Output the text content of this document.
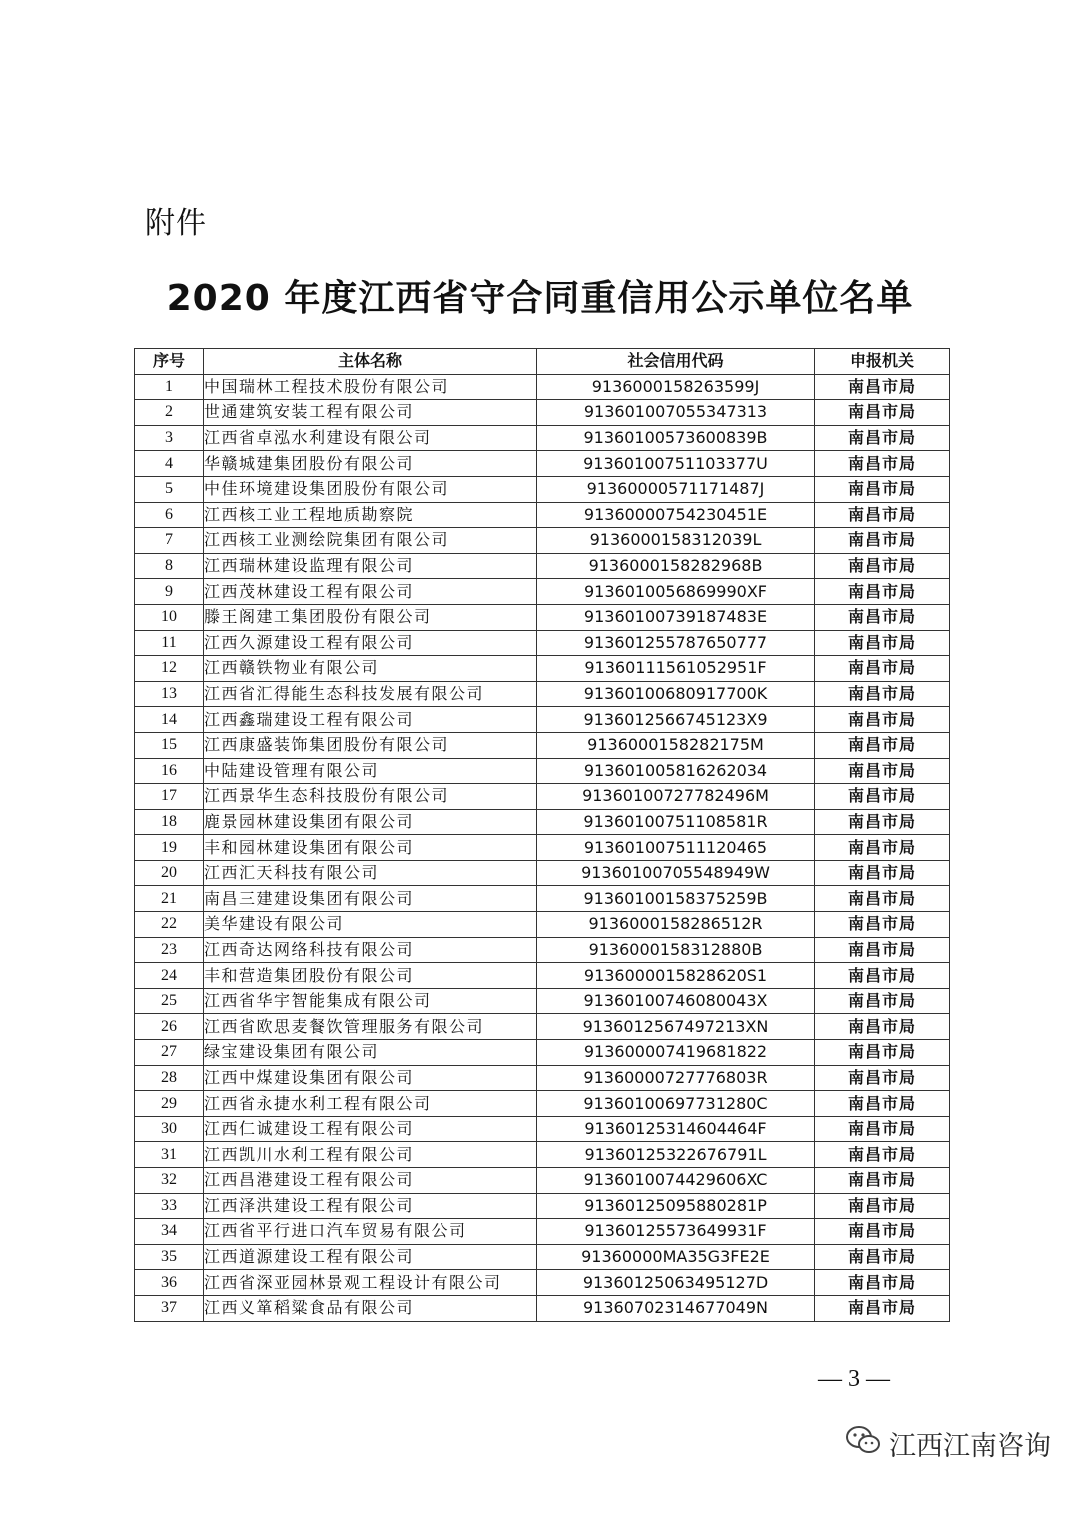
附件
2020 年度江西省守合同重信用公示单位名单
序号	主体名称	社会信用代码	申报机关
1	中国瑞林工程技术股份有限公司	9136000158263599J	南昌市局
2	世通建筑安装工程有限公司	913601007055347313	南昌市局
3	江西省卓泓水利建设有限公司	91360100573600839B	南昌市局
4	华赣城建集团股份有限公司	91360100751103377U	南昌市局
5	中佳环境建设集团股份有限公司	91360000571171487J	南昌市局
6	江西核工业工程地质勘察院	91360000754230451E	南昌市局
7	江西核工业测绘院集团有限公司	9136000158312039L	南昌市局
8	江西瑞林建设监理有限公司	9136000158282968B	南昌市局
9	江西茂林建设工程有限公司	9136010056869990XF	南昌市局
10	滕王阁建工集团股份有限公司	91360100739187483E	南昌市局
11	江西久源建设工程有限公司	913601255787650777	南昌市局
12	江西赣铁物业有限公司	91360111561052951F	南昌市局
13	江西省汇得能生态科技发展有限公司	91360100680917700K	南昌市局
14	江西鑫瑞建设工程有限公司	9136012566745123X9	南昌市局
15	江西康盛装饰集团股份有限公司	9136000158282175M	南昌市局
16	中陆建设管理有限公司	913601005816262034	南昌市局
17	江西景华生态科技股份有限公司	91360100727782496M	南昌市局
18	鹿景园林建设集团有限公司	91360100751108581R	南昌市局
19	丰和园林建设集团有限公司	913601007511120465	南昌市局
20	江西汇天科技有限公司	91360100705548949W	南昌市局
21	南昌三建建设集团有限公司	91360100158375259B	南昌市局
22	美华建设有限公司	9136000158286512R	南昌市局
23	江西奇达网络科技有限公司	9136000158312880B	南昌市局
24	丰和营造集团股份有限公司	9136000015828620S1	南昌市局
25	江西省华宇智能集成有限公司	91360100746080043X	南昌市局
26	江西省欧思麦餐饮管理服务有限公司	9136012567497213XN	南昌市局
27	绿宝建设集团有限公司	913600007419681822	南昌市局
28	江西中煤建设集团有限公司	91360000727776803R	南昌市局
29	江西省永捷水利工程有限公司	91360100697731280C	南昌市局
30	江西仁诚建设工程有限公司	91360125314604464F	南昌市局
31	江西凯川水利工程有限公司	91360125322676791L	南昌市局
32	江西昌港建设工程有限公司	9136010074429606XC	南昌市局
33	江西泽洪建设工程有限公司	91360125095880281P	南昌市局
34	江西省平行进口汽车贸易有限公司	91360125573649931F	南昌市局
35	江西道源建设工程有限公司	91360000MA35G3FE2E	南昌市局
36	江西省深亚园林景观工程设计有限公司	91360125063495127D	南昌市局
37	江西义箪稻粱食品有限公司	91360702314677049N	南昌市局
— 3 —
江西江南咨询
